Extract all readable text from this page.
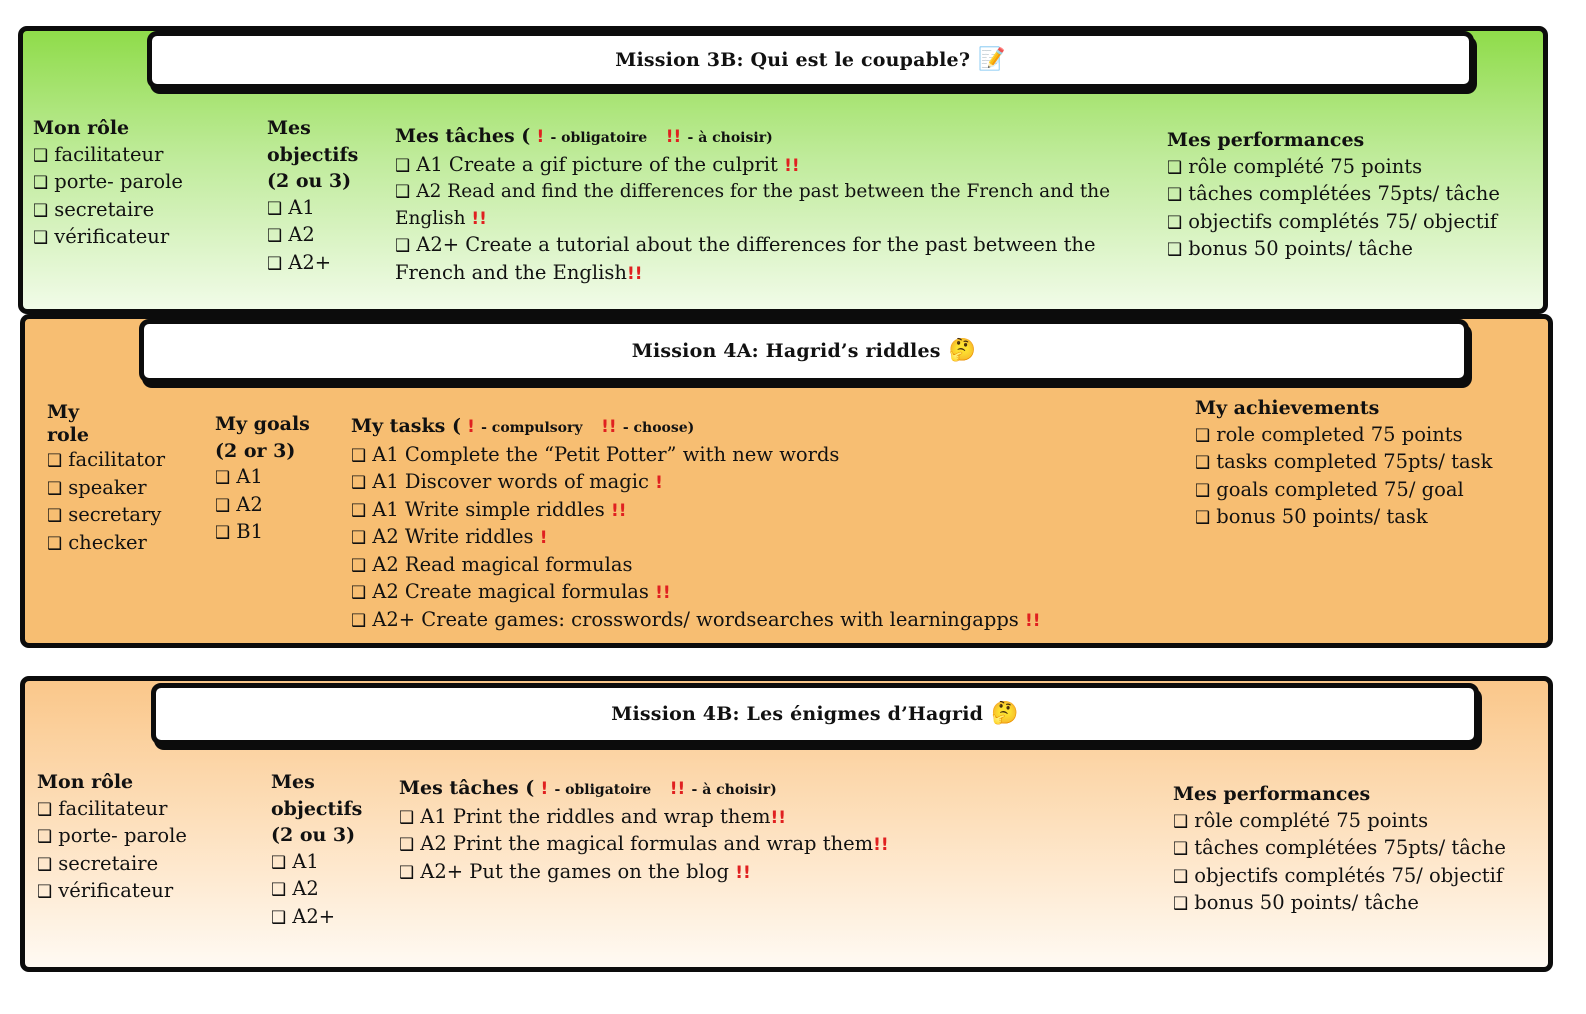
Mission 3B: Qui est le coupable? 📝
Mon rôle
❑ facilitateur
❑ porte- parole
❑ secretaire
❑ vérificateur
Mes
objectifs
(2 ou 3)
❑ A1
❑ A2
❑ A2+
Mes tâches ( ! - obligatoire !! - à choisir)
❑ A1 Create a gif picture of the culprit !!
❑ A2 Read and find the differences for the past between the French and the English !!
❑ A2+ Create a tutorial about the differences for the past between the French and the English!!
Mes performances
❑ rôle complété 75 points
❑ tâches complétées 75pts/ tâche
❑ objectifs complétés 75/ objectif
❑ bonus 50 points/ tâche
Mission 4A: Hagrid’s riddles 🤔
My
role
❑ facilitator
❑ speaker
❑ secretary
❑ checker
My goals
(2 or 3)
❑ A1
❑ A2
❑ B1
My tasks ( ! - compulsory !! - choose)
❑ A1 Complete the “Petit Potter” with new words
❑ A1 Discover words of magic !
❑ A1 Write simple riddles !!
❑ A2 Write riddles !
❑ A2 Read magical formulas
❑ A2 Create magical formulas !!
❑ A2+ Create games: crosswords/ wordsearches with learningapps !!
My achievements
❑ role completed 75 points
❑ tasks completed 75pts/ task
❑ goals completed 75/ goal
❑ bonus 50 points/ task
Mission 4B: Les énigmes d’Hagrid 🤔
Mon rôle
❑ facilitateur
❑ porte- parole
❑ secretaire
❑ vérificateur
Mes
objectifs
(2 ou 3)
❑ A1
❑ A2
❑ A2+
Mes tâches ( ! - obligatoire !! - à choisir)
❑ A1 Print the riddles and wrap them!!
❑ A2 Print the magical formulas and wrap them!!
❑ A2+ Put the games on the blog !!
Mes performances
❑ rôle complété 75 points
❑ tâches complétées 75pts/ tâche
❑ objectifs complétés 75/ objectif
❑ bonus 50 points/ tâche
